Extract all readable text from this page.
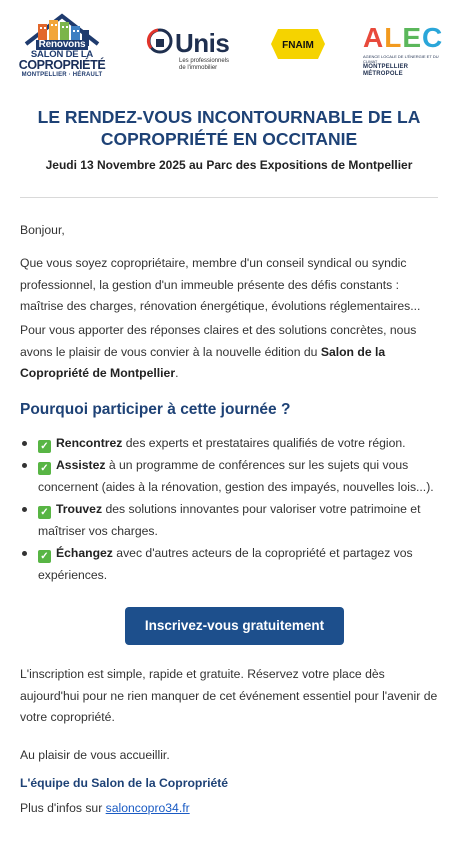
Renovons
SALON DE LA
COPROPRIÉTÉ
MONTPELLIER · HÉRAULT
Unis
Les professionnels
de l'immobilier
FNAIM ALEC
AGENCE LOCALE DE L'ÉNERGIE ET DU CLIMAT
MONTPELLIER MÉTROPOLE
LE RENDEZ-VOUS INCONTOURNABLE DE LA
COPROPRIÉTÉ EN OCCITANIE
Jeudi 13 Novembre 2025 au Parc des Expositions de Montpellier
Bonjour,
Que vous soyez copropriétaire, membre d'un conseil syndical ou syndic professionnel, la gestion d'un immeuble présente des défis constants : maîtrise des charges, rénovation énergétique, évolutions réglementaires...
Pour vous apporter des réponses claires et des solutions concrètes, nous avons le plaisir de vous convier à la nouvelle édition du Salon de la Copropriété de Montpellier.
Pourquoi participer à cette journée ?
✓ Rencontrez des experts et prestataires qualifiés de votre région.
✓ Assistez à un programme de conférences sur les sujets qui vous concernent (aides à la rénovation, gestion des impayés, nouvelles lois...).
✓ Trouvez des solutions innovantes pour valoriser votre patrimoine et maîtriser vos charges.
✓ Échangez avec d'autres acteurs de la copropriété et partagez vos expériences.
Inscrivez-vous gratuitement
L'inscription est simple, rapide et gratuite. Réservez votre place dès aujourd'hui pour ne rien manquer de cet événement essentiel pour l'avenir de votre copropriété.
Au plaisir de vous accueillir.
L'équipe du Salon de la Copropriété
Plus d'infos sur saloncopro34.fr
